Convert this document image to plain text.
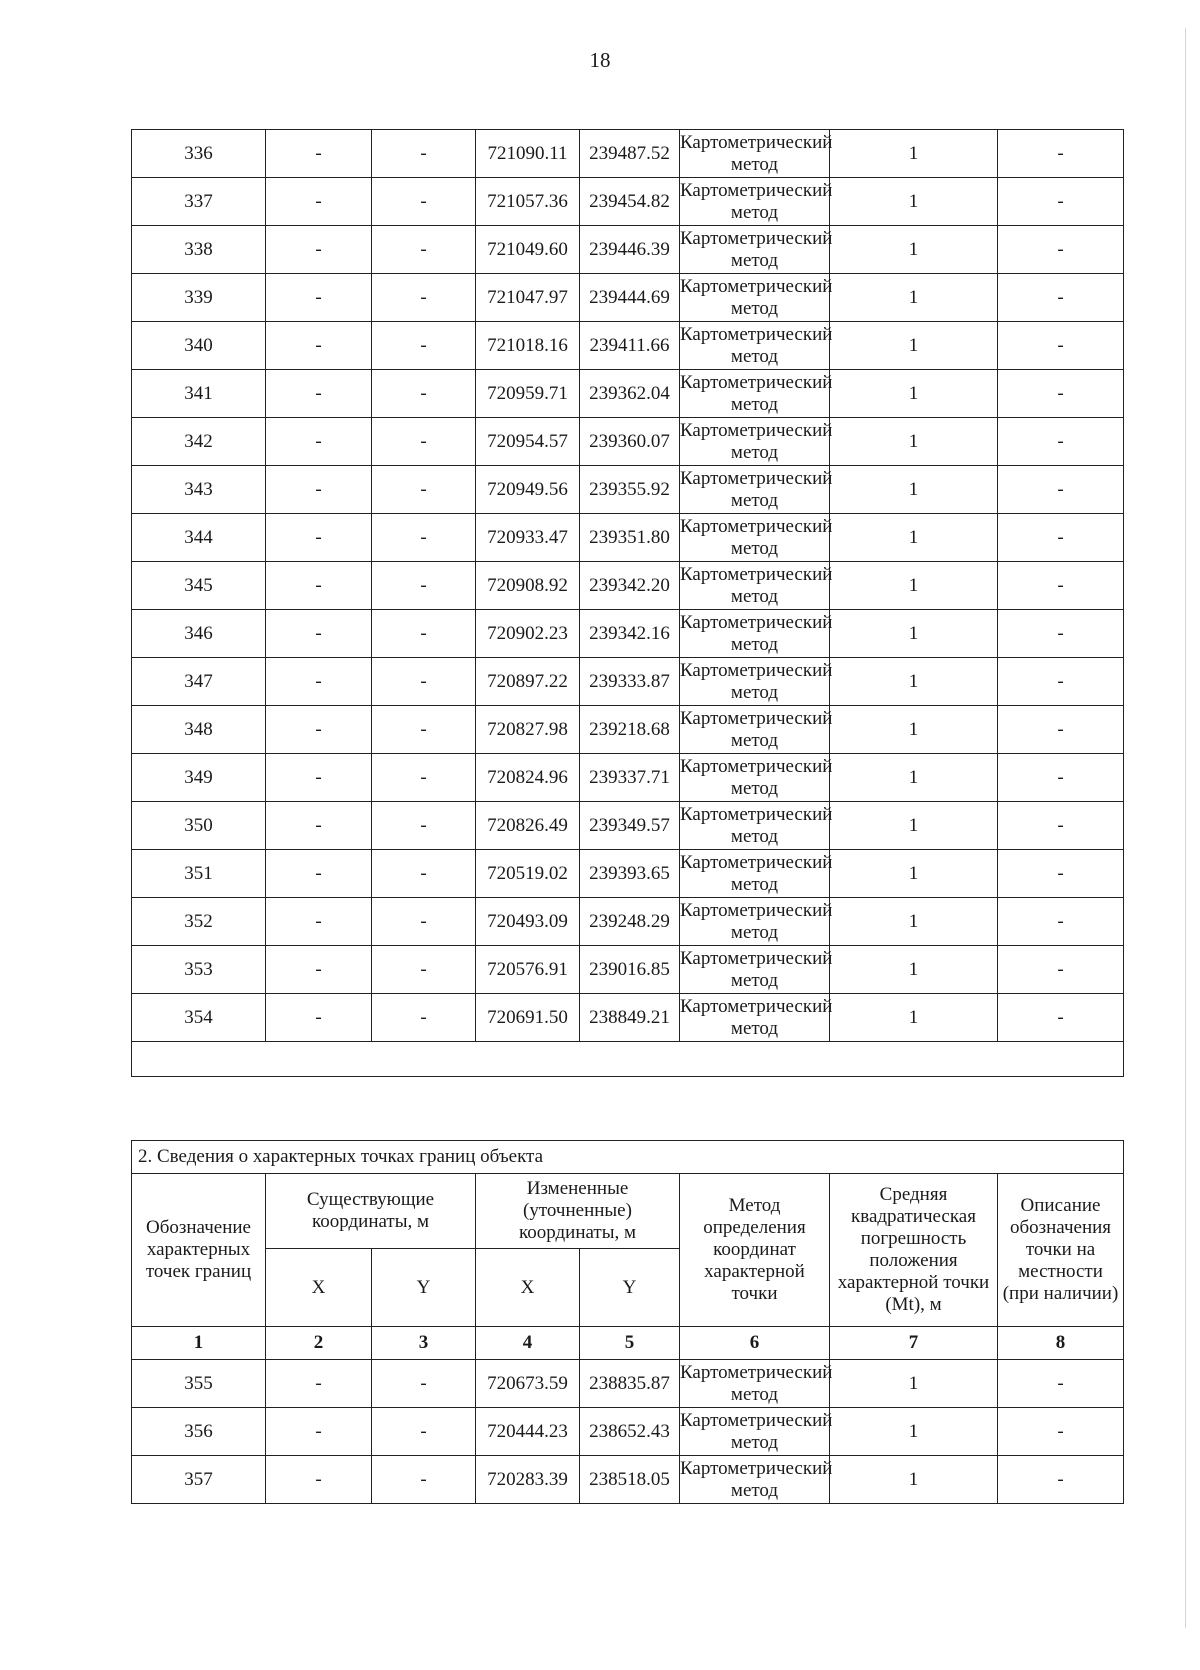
18
336	-	-	721090.11	239487.52	Картометрический метод	1	-
337	-	-	721057.36	239454.82	Картометрический метод	1	-
338	-	-	721049.60	239446.39	Картометрический метод	1	-
339	-	-	721047.97	239444.69	Картометрический метод	1	-
340	-	-	721018.16	239411.66	Картометрический метод	1	-
341	-	-	720959.71	239362.04	Картометрический метод	1	-
342	-	-	720954.57	239360.07	Картометрический метод	1	-
343	-	-	720949.56	239355.92	Картометрический метод	1	-
344	-	-	720933.47	239351.80	Картометрический метод	1	-
345	-	-	720908.92	239342.20	Картометрический метод	1	-
346	-	-	720902.23	239342.16	Картометрический метод	1	-
347	-	-	720897.22	239333.87	Картометрический метод	1	-
348	-	-	720827.98	239218.68	Картометрический метод	1	-
349	-	-	720824.96	239337.71	Картометрический метод	1	-
350	-	-	720826.49	239349.57	Картометрический метод	1	-
351	-	-	720519.02	239393.65	Картометрический метод	1	-
352	-	-	720493.09	239248.29	Картометрический метод	1	-
353	-	-	720576.91	239016.85	Картометрический метод	1	-
354	-	-	720691.50	238849.21	Картометрический метод	1	-

2. Сведения о характерных точках границ объекта							
Обозначение характерных точек границ	Существующие координаты, м		Измененные (уточненные) координаты, м		Метод определения координат характерной точки	Средняя квадратическая погрешность положения характерной точки (Mt), м	Описание обозначения точки на местности (при наличии)
	X	Y	X	Y			
1	2	3	4	5	6	7	8
355	-	-	720673.59	238835.87	Картометрический метод	1	-
356	-	-	720444.23	238652.43	Картометрический метод	1	-
357	-	-	720283.39	238518.05	Картометрический метод	1	-
